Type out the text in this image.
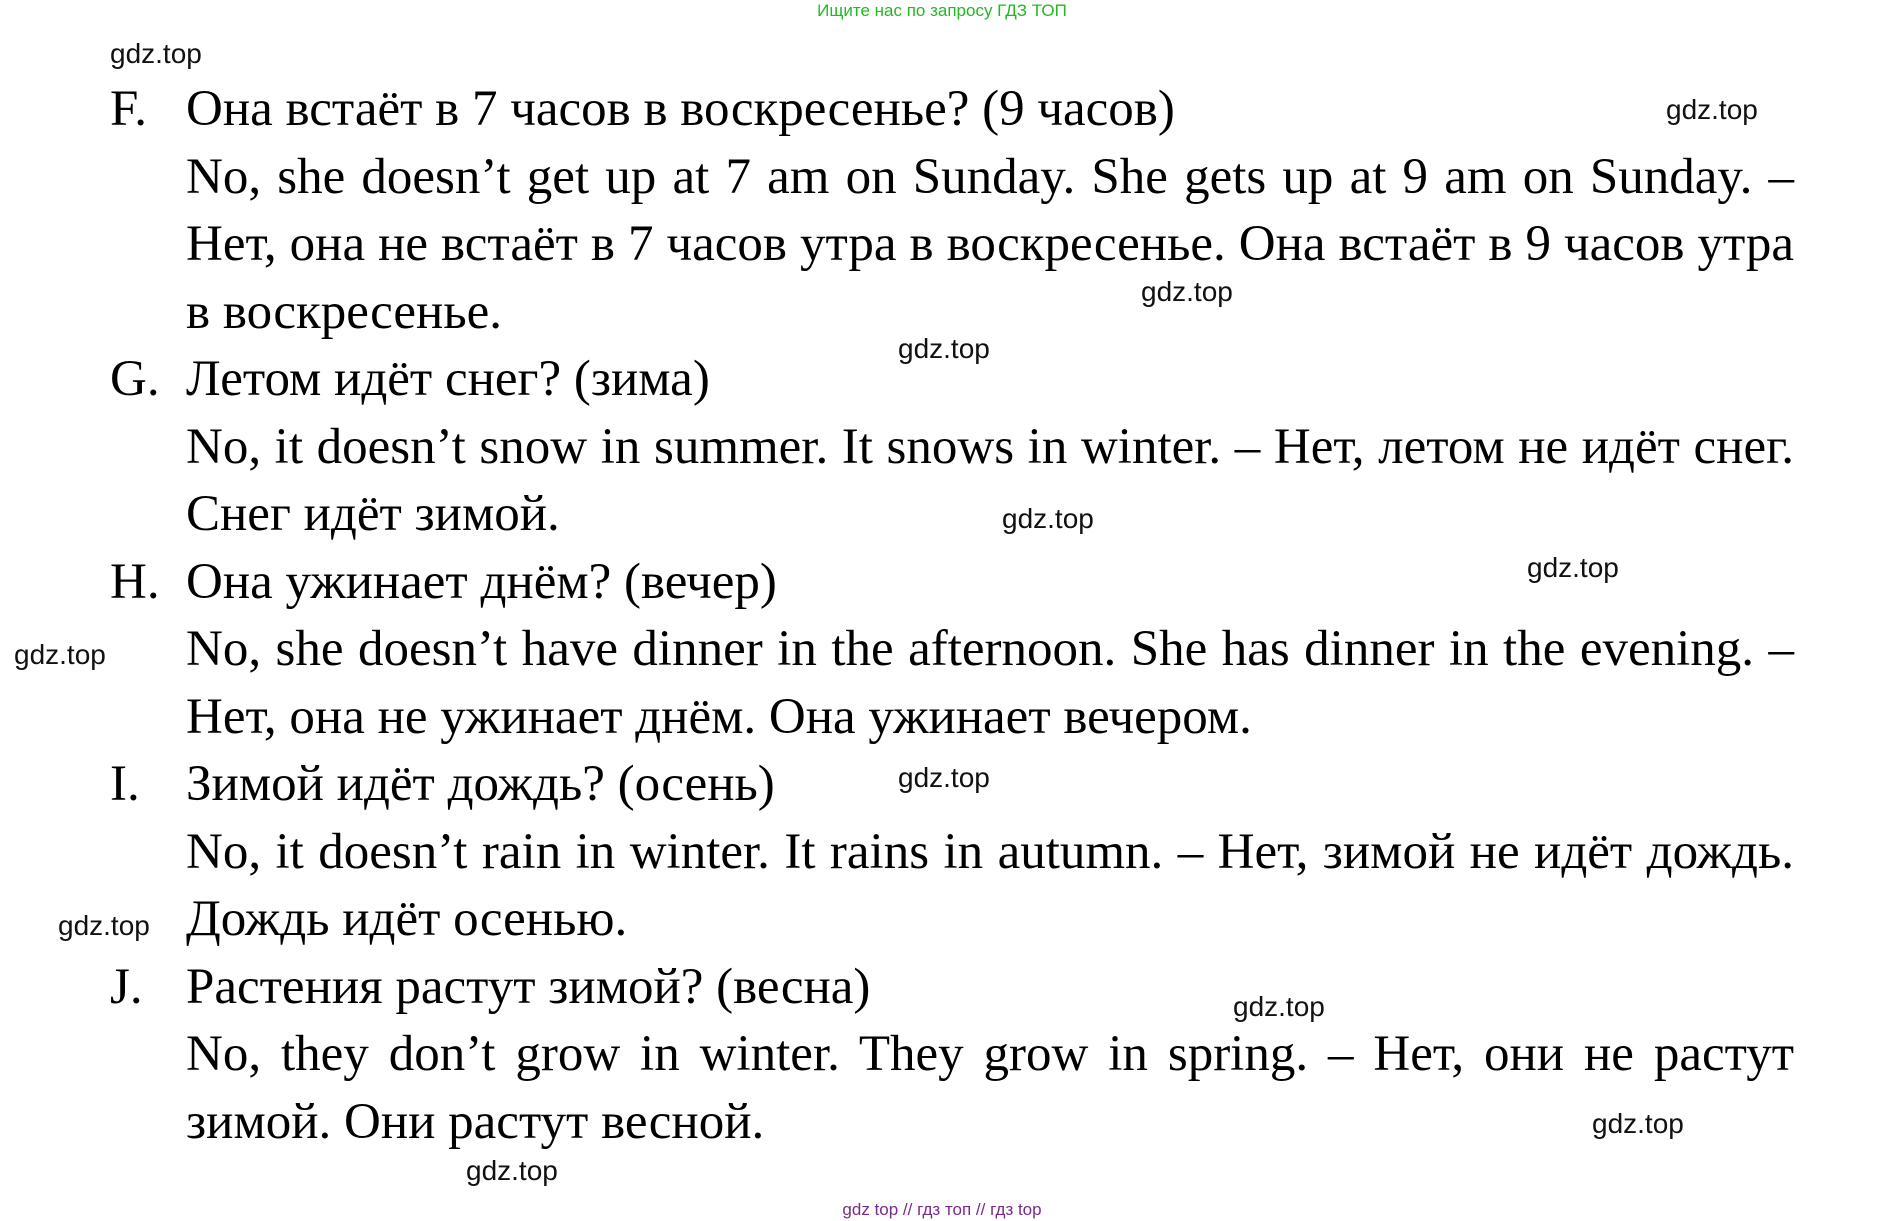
Ищите нас по запросу ГДЗ ТОП
F. Она встаёт в 7 часов в воскресенье? (9 часов)
No, she doesn’t get up at 7 am on Sunday. She gets up at 9 am on Sunday. – Нет, она не встаёт в 7 часов утра в воскресенье. Она встаёт в 9 часов утра в воскресенье.
G. Летом идёт снег? (зима)
No, it doesn’t snow in summer. It snows in winter. – Нет, летом не идёт снег. Снег идёт зимой.
H. Она ужинает днём? (вечер)
No, she doesn’t have dinner in the afternoon. She has dinner in the evening. – Нет, она не ужинает днём. Она ужинает вечером.
I. Зимой идёт дождь? (осень)
No, it doesn’t rain in winter. It rains in autumn. – Нет, зимой не идёт дождь. Дождь идёт осенью.
J. Растения растут зимой? (весна)
No, they don’t grow in winter. They grow in spring. – Нет, они не растут зимой. Они растут весной.
gdz.top
gdz.top
gdz.top
gdz.top
gdz.top
gdz.top
gdz.top
gdz.top
gdz.top
gdz.top
gdz.top
gdz.top
gdz top // гдз топ // гдз top
